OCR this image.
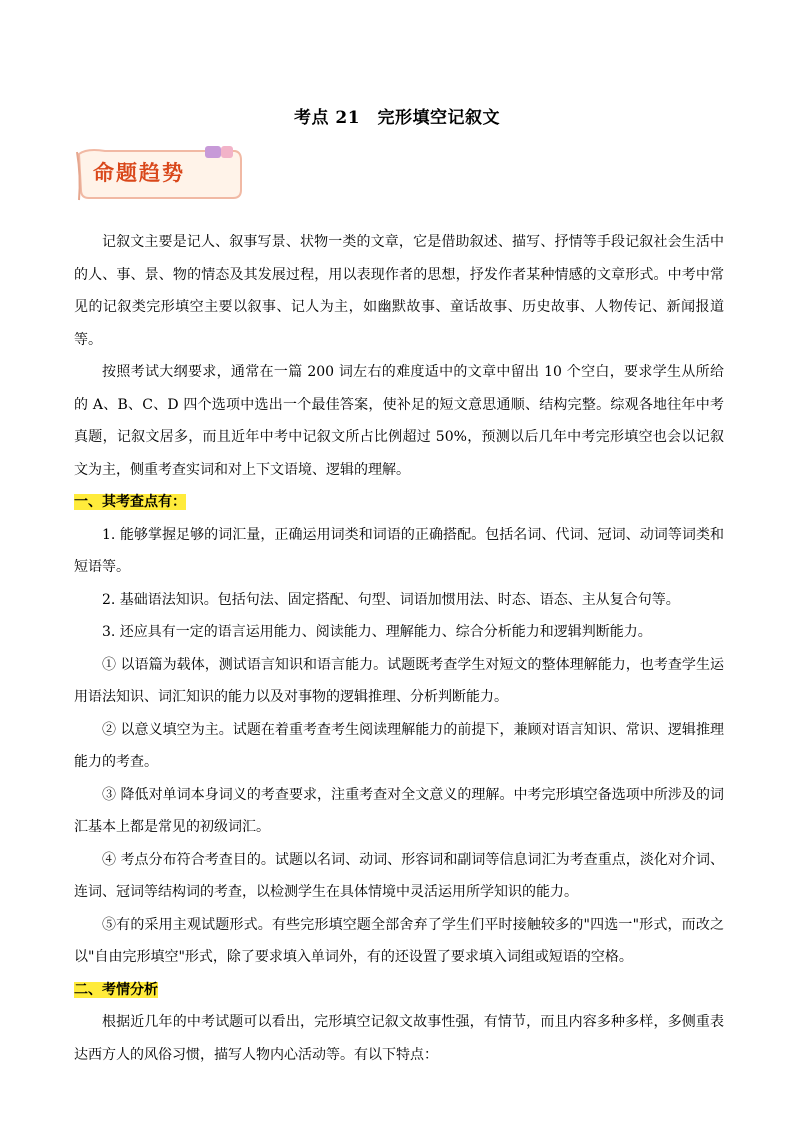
考点 21　完形填空记叙文
命题趋势

记叙文主要是记人、叙事写景、状物一类的文章，它是借助叙述、描写、抒情等手段记叙社会生活中的人、事、景、物的情态及其发展过程，用以表现作者的思想，抒发作者某种情感的文章形式。中考中常见的记叙类完形填空主要以叙事、记人为主，如幽默故事、童话故事、历史故事、人物传记、新闻报道等。

按照考试大纲要求，通常在一篇 200 词左右的难度适中的文章中留出 10 个空白，要求学生从所给的 A、B、C、D 四个选项中选出一个最佳答案，使补足的短文意思通顺、结构完整。综观各地往年中考真题，记叙文居多，而且近年中考中记叙文所占比例超过 50%，预测以后几年中考完形填空也会以记叙文为主，侧重考查实词和对上下文语境、逻辑的理解。

一、其考查点有：

1. 能够掌握足够的词汇量，正确运用词类和词语的正确搭配。包括名词、代词、冠词、动词等词类和短语等。

2. 基础语法知识。包括句法、固定搭配、句型、词语加惯用法、时态、语态、主从复合句等。

3. 还应具有一定的语言运用能力、阅读能力、理解能力、综合分析能力和逻辑判断能力。

① 以语篇为载体，测试语言知识和语言能力。试题既考查学生对短文的整体理解能力，也考查学生运用语法知识、词汇知识的能力以及对事物的逻辑推理、分析判断能力。

② 以意义填空为主。试题在着重考查考生阅读理解能力的前提下，兼顾对语言知识、常识、逻辑推理能力的考查。

③ 降低对单词本身词义的考查要求，注重考查对全文意义的理解。中考完形填空备选项中所涉及的词汇基本上都是常见的初级词汇。

④ 考点分布符合考查目的。试题以名词、动词、形容词和副词等信息词汇为考查重点，淡化对介词、连词、冠词等结构词的考查，以检测学生在具体情境中灵活运用所学知识的能力。

⑤有的采用主观试题形式。有些完形填空题全部舍弃了学生们平时接触较多的"四选一"形式，而改之以"自由完形填空"形式，除了要求填入单词外，有的还设置了要求填入词组或短语的空格。

二、考情分析

根据近几年的中考试题可以看出，完形填空记叙文故事性强，有情节，而且内容多种多样，多侧重表达西方人的风俗习惯，描写人物内心活动等。有以下特点：
